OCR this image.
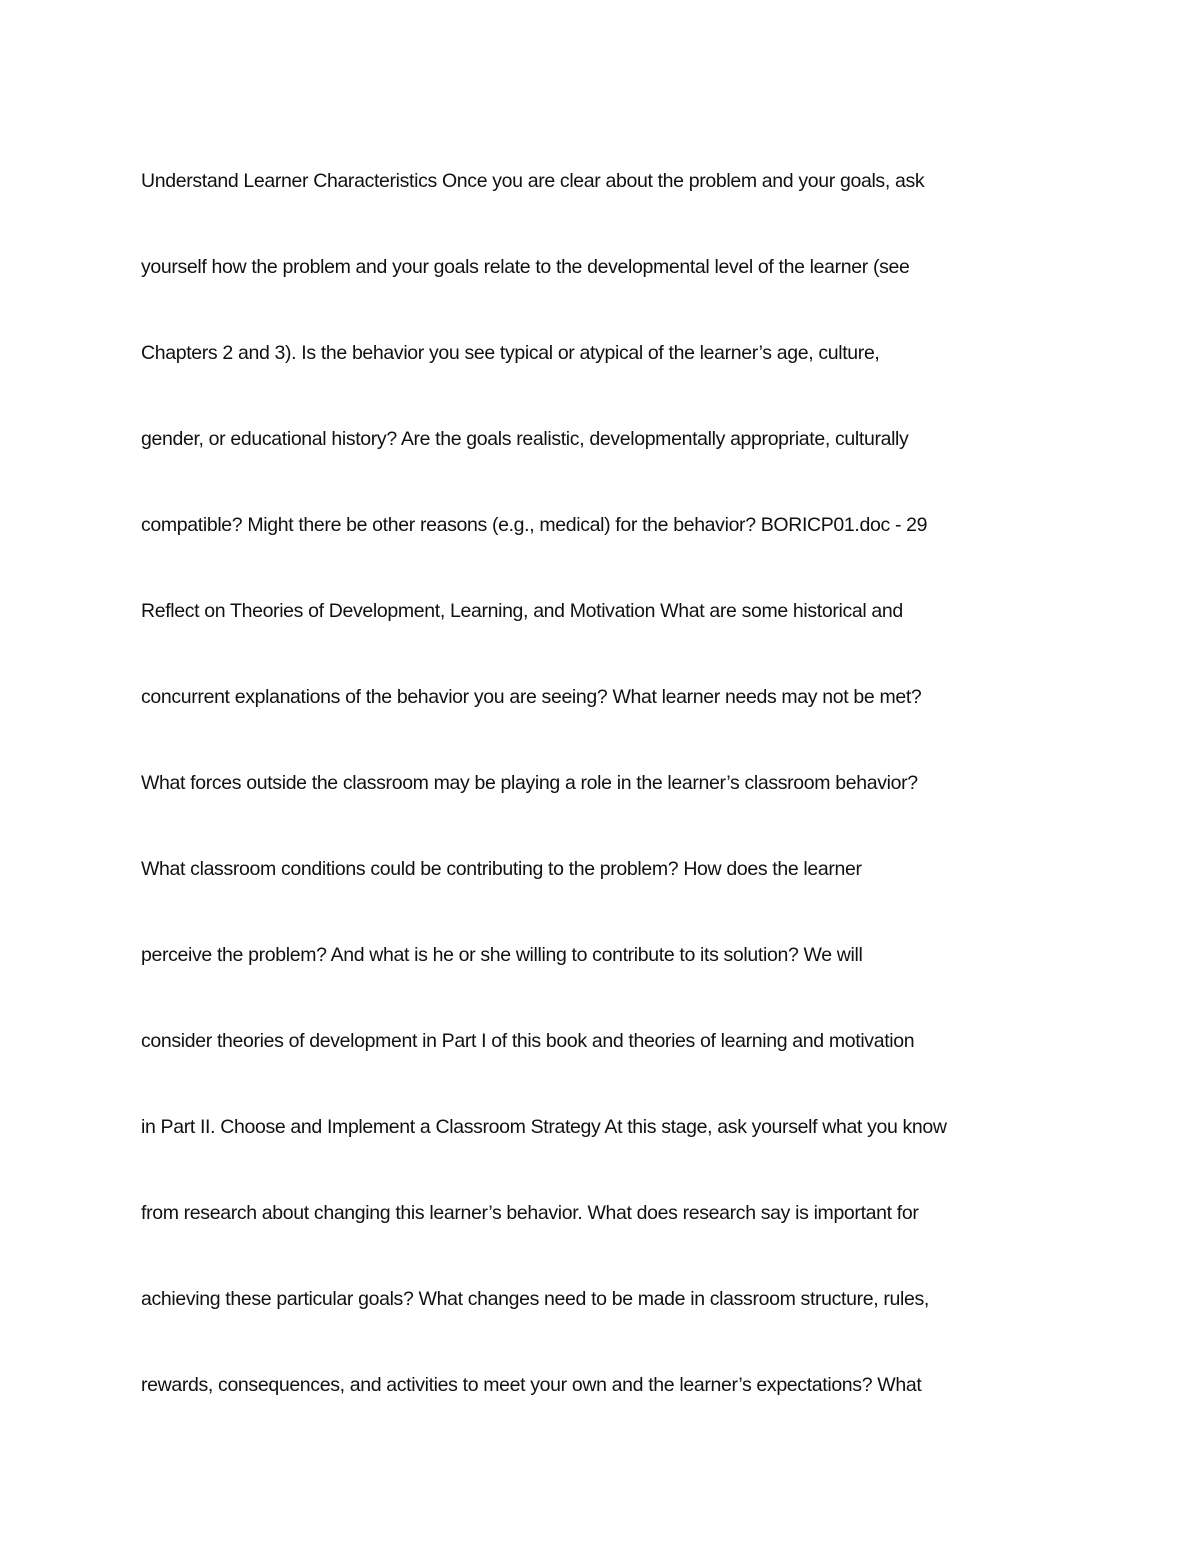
Understand Learner Characteristics Once you are clear about the problem and your goals, ask
yourself how the problem and your goals relate to the developmental level of the learner (see
Chapters 2 and 3). Is the behavior you see typical or atypical of the learner’s age, culture,
gender, or educational history? Are the goals realistic, developmentally appropriate, culturally
compatible? Might there be other reasons (e.g., medical) for the behavior? BORICP01.doc - 29
Reflect on Theories of Development, Learning, and Motivation What are some historical and
concurrent explanations of the behavior you are seeing? What learner needs may not be met?
What forces outside the classroom may be playing a role in the learner’s classroom behavior?
What classroom conditions could be contributing to the problem? How does the learner
perceive the problem? And what is he or she willing to contribute to its solution? We will
consider theories of development in Part I of this book and theories of learning and motivation
in Part II. Choose and Implement a Classroom Strategy At this stage, ask yourself what you know
from research about changing this learner’s behavior. What does research say is important for
achieving these particular goals? What changes need to be made in classroom structure, rules,
rewards, consequences, and activities to meet your own and the learner’s expectations? What
